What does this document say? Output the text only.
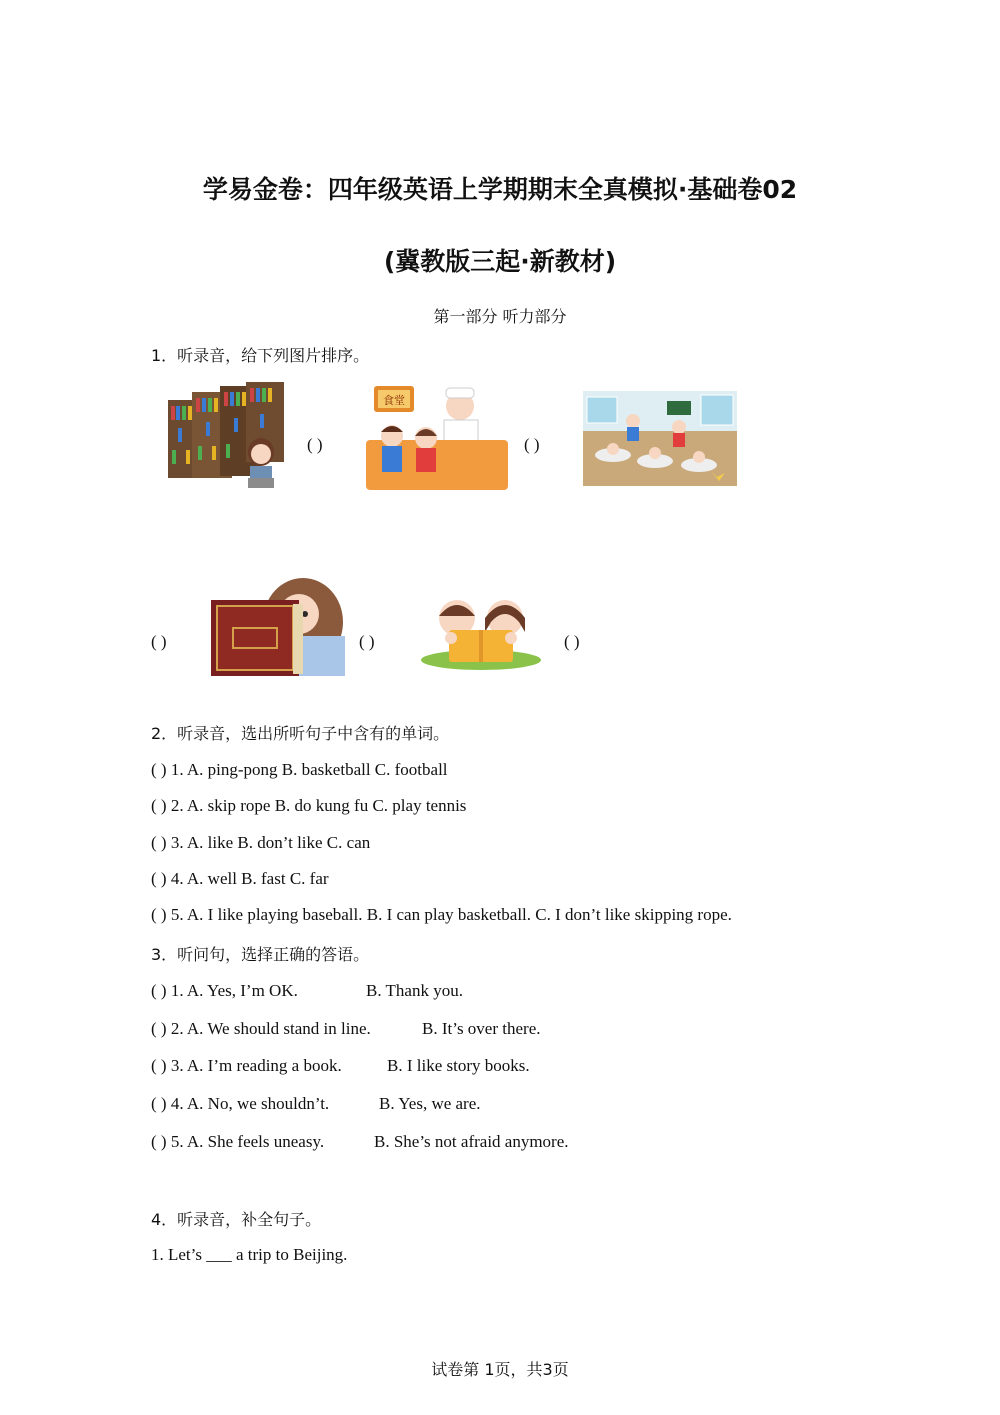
学易金卷：四年级英语上学期期末全真模拟·基础卷02
(冀教版三起·新教材)
第一部分 听力部分
1．听录音，给下列图片排序。
( )
食堂
( )
( )	( )	( )
2．听录音，选出所听句子中含有的单词。
( ) 1. A. ping-pong B. basketball C. football
( ) 2. A. skip rope B. do kung fu C. play tennis
( ) 3. A. like B. don’t like C. can
( ) 4. A. well B. fast C. far
( ) 5. A. I like playing baseball. B. I can play basketball. C. I don’t like skipping rope.
3．听问句，选择正确的答语。
( ) 1. A. Yes, I’m OK.	B. Thank you.
( ) 2. A. We should stand in line.	B. It’s over there.
( ) 3. A. I’m reading a book.	B. I like story books.
( ) 4. A. No, we shouldn’t.	B. Yes, we are.
( ) 5. A. She feels uneasy.	B. She’s not afraid anymore.
4．听录音，补全句子。
1. Let’s ___ a trip to Beijing.
试卷第 1页，共3页
